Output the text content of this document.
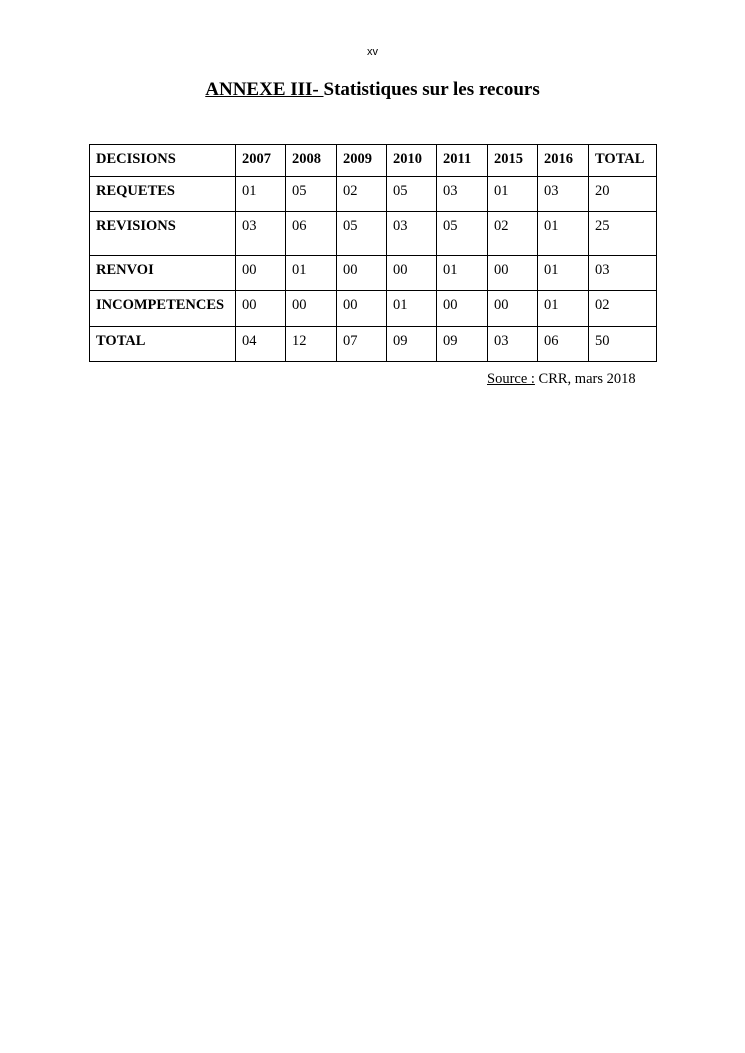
xv
ANNEXE III- Statistiques sur les recours
DECISIONS	2007	2008	2009	2010	2011	2015	2016	TOTAL
REQUETES	01	05	02	05	03	01	03	20
REVISIONS	03	06	05	03	05	02	01	25
RENVOI	00	01	00	00	01	00	01	03
INCOMPETENCES	00	00	00	01	00	00	01	02
TOTAL	04	12	07	09	09	03	06	50
Source : CRR, mars 2018
